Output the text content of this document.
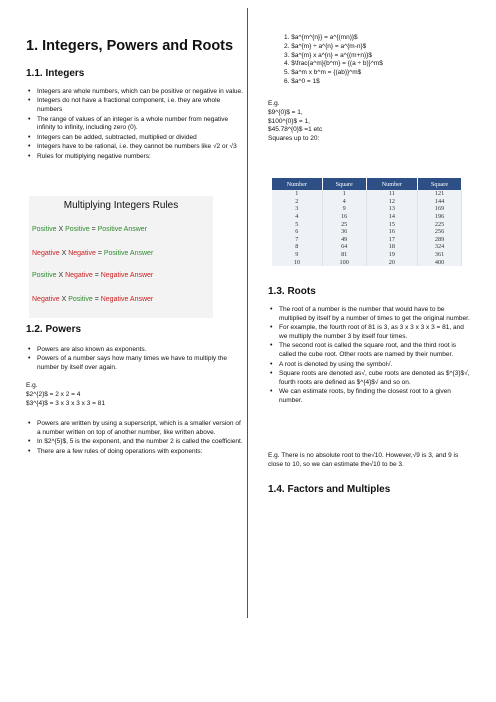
1. Integers, Powers and Roots
1.1. Integers
• Integers are whole numbers, which can be positive or negative in value.
• Integers do not have a fractional component, i.e. they are whole numbers
• The range of values of an integer is a whole number from negative infinity to infinity, including zero (0).
• Integers can be added, subtracted, multiplied or divided
• Integers have to be rational, i.e. they cannot be numbers like √2 or √3
• Rules for multiplying negative numbers:
Multiplying Integers Rules
Positive X Positive = Positive Answer
Negative X Negative = Positive Answer
Positive X Negative = Negative Answer
Negative X Positive = Negative Answer
1.2. Powers
• Powers are also known as exponents.
• Powers of a number says how many times we have to multiply the number by itself over again.
E.g.
$2^{2}$ = 2 x 2 = 4
$3^{4}$ = 3 x 3 x 3 x 3 = 81
• Powers are written by using a superscript, which is a smaller version of a number written on top of another number, like written above.
• In $2^{5}$, 5 is the exponent, and the number 2 is called the coefficient.
• There are a few rules of doing operations with exponents:
1. $a^{m^{n}} = a^{(mn)}$
2. $a^{m} ÷ a^{n} = a^{m-n}$
3. $a^{m} x a^{n} = a^{(m+n)}$
4. $\frac{a^m}{b^m} = {(a ÷ b)}^m$
5. $a^m x b^m = {(ab)}^m$
6. $a^0 = 1$
E.g.
$9^{0}$ = 1,
$100^{0}$ = 1,
$45.78^{0}$ =1 etc
Squares up to 20:
Number	Square	Number	Square
1	1	11	121
2	4	12	144
3	9	13	169
4	16	14	196
5	25	15	225
6	36	16	256
7	49	17	289
8	64	18	324
9	81	19	361
10	100	20	400
1.3. Roots
• The root of a number is the number that would have to be multiplied by itself by a number of times to get the original number.
• For example, the fourth root of 81 is 3, as 3 x 3 x 3 x 3 = 81, and we multiply the number 3 by itself four times.
• The second root is called the square root, and the third root is called the cube root. Other roots are named by their number.
• A root is denoted by using the symbol√.
• Square roots are denoted as√, cube roots are denoted as $^{3}$√, fourth roots are defined as $^{4}$√ and so on.
• We can estimate roots, by finding the closest root to a given number.
E.g. There is no absolute root to the√10. However,√9 is 3, and 9 is close to 10, so we can estimate the√10 to be 3.
1.4. Factors and Multiples
